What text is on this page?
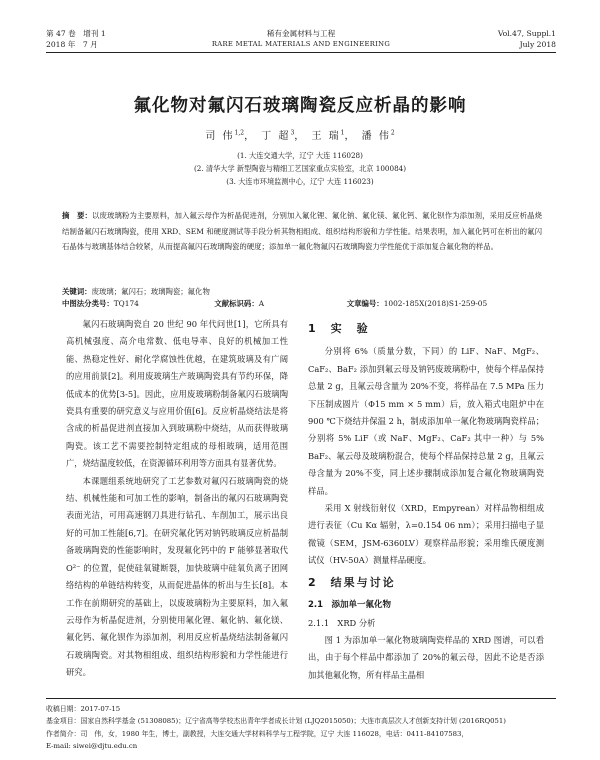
第 47 卷　增刊 1
2018 年　7 月
稀有金属材料与工程
RARE METAL MATERIALS AND ENGINEERING
Vol.47, Suppl.1
July 2018
氟化物对氟闪石玻璃陶瓷反应析晶的影响
司 伟$^{1,2}$， 丁 超$^3$， 王 瑞$^1$， 潘 伟$^2$
(1. 大连交通大学，辽宁 大连 116028)
(2. 清华大学 新型陶瓷与精细工艺国家重点实验室，北京 100084)
(3. 大连市环境监测中心，辽宁 大连 116023)
摘　要：以废玻璃粉为主要原料，加入氟云母作为析晶促进剂，分别加入氟化锂、氟化钠、氟化镁、氟化钙、氟化钡作为添加剂，采用反应析晶烧结制备氟闪石玻璃陶瓷，使用 XRD、SEM 和硬度测试等手段分析其物相组成、组织结构形貌和力学性能。结果表明，加入氟化钙可在析出的氟闪石晶体与玻璃基体结合较紧，从而提高氟闪石玻璃陶瓷的硬度；添加单一氟化物氟闪石玻璃陶瓷力学性能优于添加复合氟化物的样品。
关键词：废玻璃；氟闪石；玻璃陶瓷；氟化物
中图法分类号：TQ174	文献标识码：A	文章编号：1002-185X(2018)S1-259-05

氟闪石玻璃陶瓷自 20 世纪 90 年代问世[1]，它所具有高机械强度、高介电常数、低电导率、良好的机械加工性能、热稳定性好、耐化学腐蚀性优越，在建筑玻璃及有广阔的应用前景[2]。利用废玻璃生产玻璃陶瓷具有节约环保，降低成本的优势[3-5]。因此，应用废玻璃粉制备氟闪石玻璃陶瓷具有重要的研究意义与应用价值[6]。反应析晶烧结法是将含成的析晶促进剂直接加入到玻璃粉中烧结，从而获得玻璃陶瓷。该工艺不需要控制特定组成的母相玻璃，适用范围广，烧结温度较低，在资源循环利用等方面具有显著优势。

本课题组系统地研究了工艺参数对氟闪石玻璃陶瓷的烧结、机械性能和可加工性的影响，制备出的氟闪石玻璃陶瓷表面光洁，可用高速钢刀具进行钻孔、车削加工，展示出良好的可加工性能[6,7]。在研究氟化钙对钠钙玻璃反应析晶制备玻璃陶瓷的性能影响时，发现氟化钙中的 F 能够显著取代 O²⁻ 的位置，促使硅氧键断裂，加快玻璃中硅氧负离子团网络结构的单链结构转变，从而促进晶体的析出与生长[8]。本工作在前期研究的基础上，以废玻璃粉为主要原料，加入氟云母作为析晶促进剂，分别使用氟化锂、氟化钠、氟化镁、氟化钙、氟化钡作为添加剂，利用反应析晶烧结法制备氟闪石玻璃陶瓷。对其物相组成、组织结构形貌和力学性能进行研究。

1　实　验

分别将 6%（质量分数，下同）的 LiF、NaF、MgF₂、CaF₂、BaF₂ 添加到氟云母及钠钙废玻璃粉中，使每个样品保持总量 2 g，且氟云母含量为 20%不变，将样品在 7.5 MPa 压力下压制成圆片（Φ15 mm × 5 mm）后，放入箱式电阻炉中在 900 ℃下烧结并保温 2 h，制成添加单一氟化物玻璃陶瓷样品；分别将 5% LiF（或 NaF、MgF₂、CaF₂ 其中一种）与 5% BaF₂、氟云母及玻璃粉混合，使每个样品保持总量 2 g，且氟云母含量为 20%不变，同上述步骤制成添加复合氟化物玻璃陶瓷样品。

采用 X 射线衍射仪（XRD，Empyrean）对样品物相组成进行表征（Cu Kα 辐射，λ=0.154 06 nm）；采用扫描电子显微镜（SEM，JSM-6360LV）观察样品形貌；采用维氏硬度测试仪（HV-50A）测量样品硬度。

2　结果与讨论
2.1　添加单一氟化物
2.1.1　XRD 分析

图 1 为添加单一氟化物玻璃陶瓷样品的 XRD 图谱，可以看出，由于每个样品中都添加了 20%的氟云母，因此不论是否添加其他氟化物，所有样品主晶相

收稿日期：2017-07-15
基金项目：国家自然科学基金 (51308085)；辽宁省高等学校杰出青年学者成长计划 (LJQ2015050)；大连市高层次人才创新支持计划 (2016RQ051)
作者简介：司　伟，女，1980 年生，博士，副教授，大连交通大学材料科学与工程学院，辽宁 大连 116028，电话：0411-84107583，
E-mail: siwei@djtu.edu.cn
